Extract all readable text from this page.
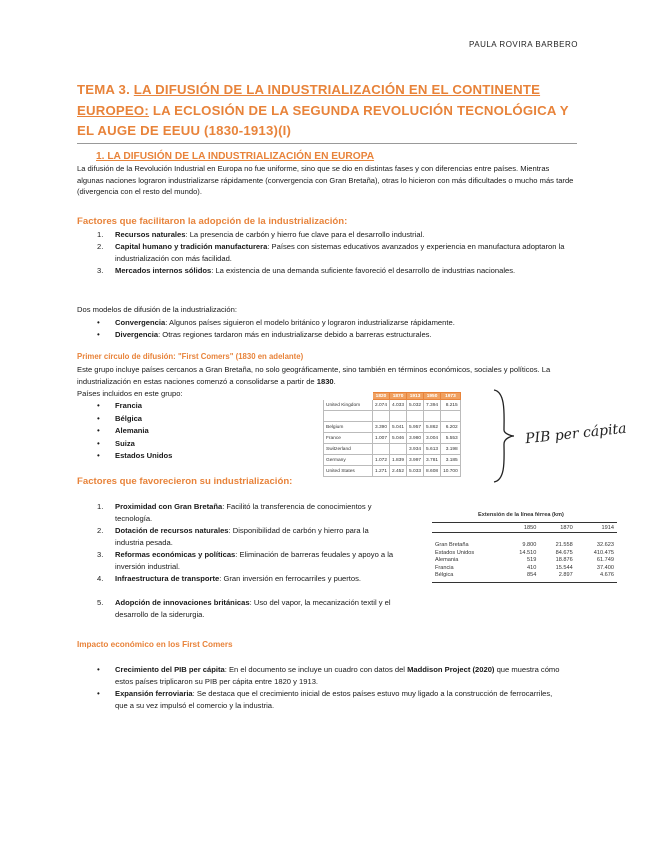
PAULA ROVIRA BARBERO
TEMA 3. LA DIFUSIÓN DE LA INDUSTRIALIZACIÓN EN EL CONTINENTE EUROPEO: LA ECLOSIÓN DE LA SEGUNDA REVOLUCIÓN TECNOLÓGICA Y EL AUGE DE EEUU (1830-1913)(I)
1. LA DIFUSIÓN DE LA INDUSTRIALIZACIÓN EN EUROPA
La difusión de la Revolución Industrial en Europa no fue uniforme, sino que se dio en distintas fases y con diferencias entre países. Mientras algunas naciones lograron industrializarse rápidamente (convergencia con Gran Bretaña), otras lo hicieron con más dificultades o mucho más tarde (divergencia con el resto del mundo).
Factores que facilitaron la adopción de la industrialización:
1. Recursos naturales: La presencia de carbón y hierro fue clave para el desarrollo industrial.
2. Capital humano y tradición manufacturera: Países con sistemas educativos avanzados y experiencia en manufactura adoptaron la industrialización con más facilidad.
3. Mercados internos sólidos: La existencia de una demanda suficiente favoreció el desarrollo de industrias nacionales.
Dos modelos de difusión de la industrialización:
• Convergencia: Algunos países siguieron el modelo británico y lograron industrializarse rápidamente.
• Divergencia: Otras regiones tardaron más en industrializarse debido a barreras estructurales.
Primer círculo de difusión: "First Comers" (1830 en adelante)
Este grupo incluye países cercanos a Gran Bretaña, no solo geográficamente, sino también en términos económicos, sociales y políticos. La industrialización en estas naciones comenzó a consolidarse a partir de 1830.
Países incluidos en este grupo:
• Francia
• Bélgica
• Alemania
• Suiza
• Estados Unidos
	1820	1870	1913	1950	1973
United Kingdom	2.074	4.033	5.032	7.394	8.215

Belgium	3.390	5.041	5.957	5.862	6.202
France	1.007	5.046	3.980	3.004	5.553
Switzerland			3.934	5.613	3.198
Germany	1.072	1.839	3.997	3.781	3.185
United States	1.271	2.452	5.033	8.608	10.700
PIB per cápita
Factores que favorecieron su industrialización:
1. Proximidad con Gran Bretaña: Facilitó la transferencia de conocimientos y tecnología.
2. Dotación de recursos naturales: Disponibilidad de carbón y hierro para la industria pesada.
3. Reformas económicas y políticas: Eliminación de barreras feudales y apoyo a la inversión industrial.
4. Infraestructura de transporte: Gran inversión en ferrocarriles y puertos.
5. Adopción de innovaciones británicas: Uso del vapor, la mecanización textil y el desarrollo de la siderurgia.
Extensión de la línea férrea (km)
	1850	1870	1914

Gran Bretaña	9.800	21.558	32.623
Estados Unidos	14.510	84.675	410.475
Alemania	519	18.876	61.749
Francia	410	15.544	37.400
Bélgica	854	2.897	4.676
Impacto económico en los First Comers
• Crecimiento del PIB per cápita: En el documento se incluye un cuadro con datos del Maddison Project (2020) que muestra cómo estos países triplicaron su PIB per cápita entre 1820 y 1913.
• Expansión ferroviaria: Se destaca que el crecimiento inicial de estos países estuvo muy ligado a la construcción de ferrocarriles, que a su vez impulsó el comercio y la industria.
